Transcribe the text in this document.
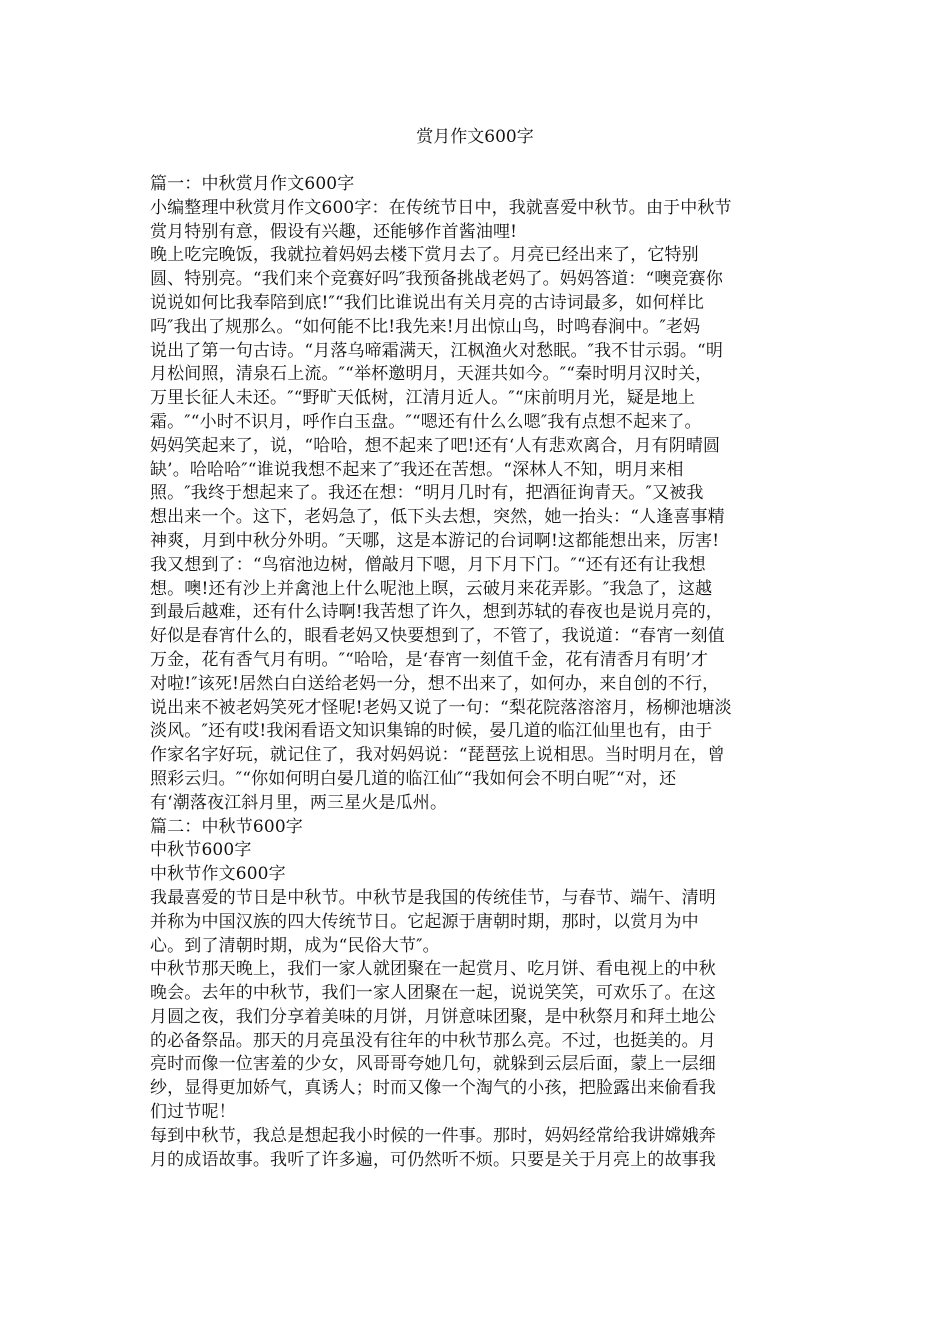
赏月作文600字
篇一：中秋赏月作文600字
小编整理中秋赏月作文600字：在传统节日中，我就喜爱中秋节。由于中秋节
赏月特别有意，假设有兴趣，还能够作首酱油哩!
晚上吃完晚饭，我就拉着妈妈去楼下赏月去了。月亮已经出来了，它特别
圆、特别亮。“我们来个竞赛好吗″我预备挑战老妈了。妈妈答道：“噢竞赛你
说说如何比我奉陪到底!″“我们比谁说出有关月亮的古诗词最多，如何样比
吗″我出了规那么。“如何能不比!我先来!月出惊山鸟，时鸣春涧中。″老妈
说出了第一句古诗。“月落乌啼霜满天，江枫渔火对愁眠。″我不甘示弱。“明
月松间照，清泉石上流。″“举杯邀明月，天涯共如今。″“秦时明月汉时关，
万里长征人未还。″“野旷天低树，江清月近人。″“床前明月光，疑是地上
霜。″“小时不识月，呼作白玉盘。″“嗯还有什么么嗯″我有点想不起来了。
妈妈笑起来了，说，“哈哈，想不起来了吧!还有‘人有悲欢离合，月有阴晴圆
缺’。哈哈哈″“谁说我想不起来了″我还在苦想。“深林人不知，明月来相
照。″我终于想起来了。我还在想：“明月几时有，把酒征询青天。″又被我
想出来一个。这下，老妈急了，低下头去想，突然，她一抬头：“人逢喜事精
神爽，月到中秋分外明。″天哪，这是本游记的台词啊!这都能想出来，厉害!
我又想到了：“鸟宿池边树，僧敲月下嗯，月下月下门。″“还有还有让我想
想。噢!还有沙上并禽池上什么呢池上暝，云破月来花弄影。″我急了，这越
到最后越难，还有什么诗啊!我苦想了许久，想到苏轼的春夜也是说月亮的，
好似是春宵什么的，眼看老妈又快要想到了，不管了，我说道：“春宵一刻值
万金，花有香气月有明。″“哈哈，是‘春宵一刻值千金，花有清香月有明’才
对啦!″该死!居然白白送给老妈一分，想不出来了，如何办，来自创的不行，
说出来不被老妈笑死才怪呢!老妈又说了一句：“梨花院落溶溶月，杨柳池塘淡
淡风。″还有哎!我闲看语文知识集锦的时候，晏几道的临江仙里也有，由于
作家名字好玩，就记住了，我对妈妈说：“琵琶弦上说相思。当时明月在，曾
照彩云归。″“你如何明白晏几道的临江仙″“我如何会不明白呢″“对，还
有‘潮落夜江斜月里，两三星火是瓜州。
篇二：中秋节600字
中秋节600字
中秋节作文600字
我最喜爱的节日是中秋节。中秋节是我国的传统佳节，与春节、端午、清明
并称为中国汉族的四大传统节日。它起源于唐朝时期，那时，以赏月为中
心。到了清朝时期，成为“民俗大节″。
中秋节那天晚上，我们一家人就团聚在一起赏月、吃月饼、看电视上的中秋
晚会。去年的中秋节，我们一家人团聚在一起，说说笑笑，可欢乐了。在这
月圆之夜，我们分享着美味的月饼，月饼意味团聚，是中秋祭月和拜土地公
的必备祭品。那天的月亮虽没有往年的中秋节那么亮。不过，也挺美的。月
亮时而像一位害羞的少女，风哥哥夸她几句，就躲到云层后面，蒙上一层细
纱，显得更加娇气，真诱人；时而又像一个淘气的小孩，把脸露出来偷看我
们过节呢！
每到中秋节，我总是想起我小时候的一件事。那时，妈妈经常给我讲嫦娥奔
月的成语故事。我听了许多遍，可仍然听不烦。只要是关于月亮上的故事我
